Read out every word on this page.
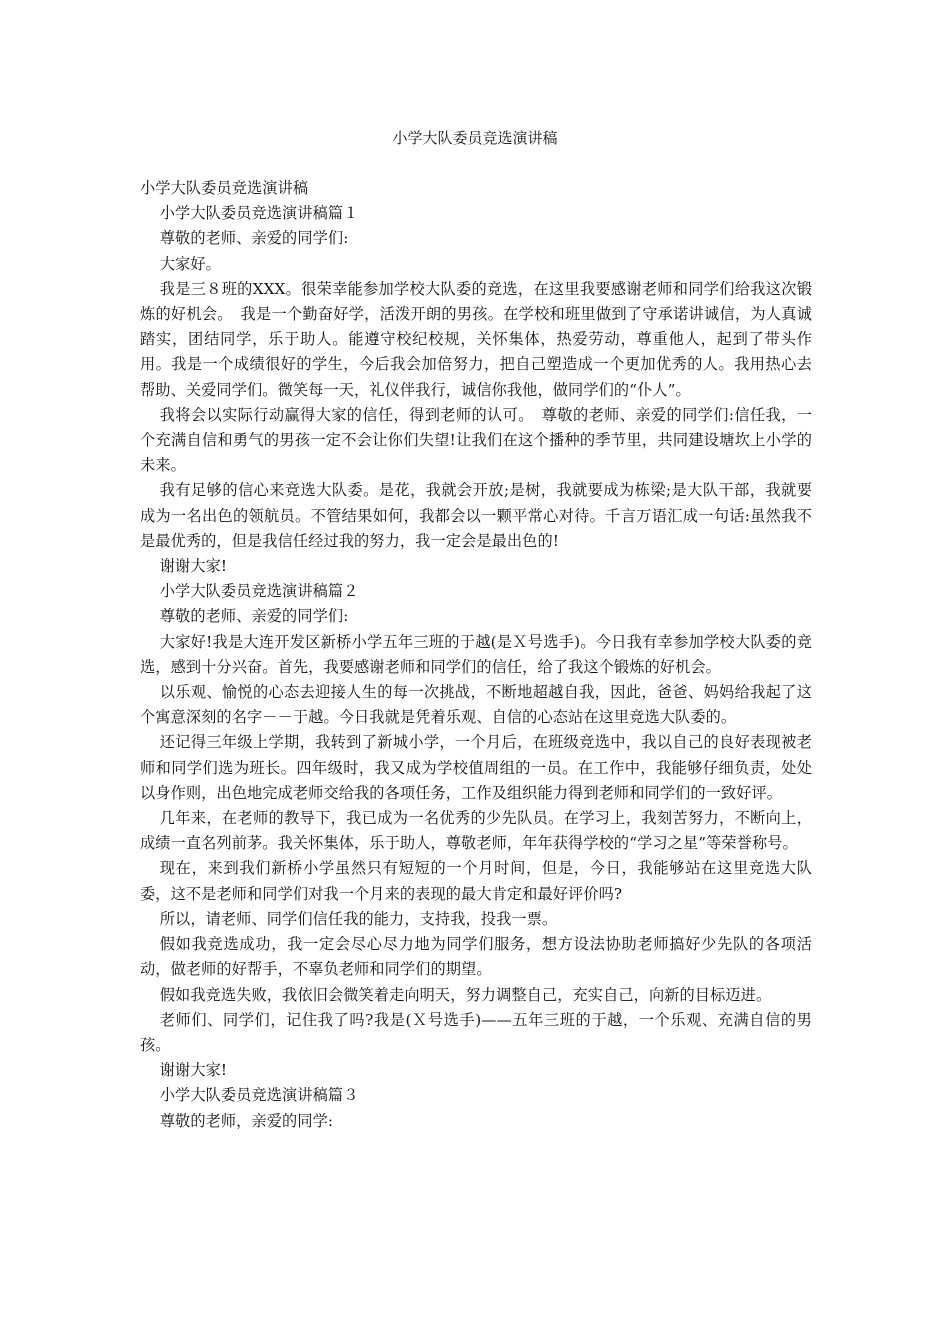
小学大队委员竞选演讲稿

小学大队委员竞选演讲稿

小学大队委员竞选演讲稿篇１

尊敬的老师、亲爱的同学们:

大家好。

我是三８班的XXX。很荣幸能参加学校大队委的竞选，在这里我要感谢老师和同学们给我这次锻炼的好机会。　我是一个勤奋好学，活泼开朗的男孩。在学校和班里做到了守承诺讲诚信，为人真诚踏实，团结同学，乐于助人。能遵守校纪校规，关怀集体，热爱劳动，尊重他人，起到了带头作用。我是一个成绩很好的学生，今后我会加倍努力，把自己塑造成一个更加优秀的人。我用热心去帮助、关爱同学们。微笑每一天，礼仪伴我行，诚信你我他，做同学们的“仆人”。

我将会以实际行动赢得大家的信任，得到老师的认可。　尊敬的老师、亲爱的同学们:信任我，一个充满自信和勇气的男孩一定不会让你们失望!让我们在这个播种的季节里，共同建设塘坎上小学的未来。

我有足够的信心来竞选大队委。是花，我就会开放;是树，我就要成为栋梁;是大队干部，我就要成为一名出色的领航员。不管结果如何，我都会以一颗平常心对待。千言万语汇成一句话:虽然我不是最优秀的，但是我信任经过我的努力，我一定会是最出色的!

谢谢大家!

小学大队委员竞选演讲稿篇２

尊敬的老师、亲爱的同学们:

大家好!我是大连开发区新桥小学五年三班的于越(是Ｘ号选手)。今日我有幸参加学校大队委的竞选，感到十分兴奋。首先，我要感谢老师和同学们的信任，给了我这个锻炼的好机会。

以乐观、愉悦的心态去迎接人生的每一次挑战，不断地超越自我，因此，爸爸、妈妈给我起了这个寓意深刻的名字－－于越。今日我就是凭着乐观、自信的心态站在这里竞选大队委的。

还记得三年级上学期，我转到了新城小学，一个月后，在班级竞选中，我以自己的良好表现被老师和同学们选为班长。四年级时，我又成为学校值周组的一员。在工作中，我能够仔细负责，处处以身作则，出色地完成老师交给我的各项任务，工作及组织能力得到老师和同学们的一致好评。

几年来，在老师的教导下，我已成为一名优秀的少先队员。在学习上，我刻苦努力，不断向上，成绩一直名列前茅。我关怀集体，乐于助人，尊敬老师，年年获得学校的“学习之星”等荣誉称号。

现在，来到我们新桥小学虽然只有短短的一个月时间，但是，今日，我能够站在这里竞选大队委，这不是老师和同学们对我一个月来的表现的最大肯定和最好评价吗?

所以，请老师、同学们信任我的能力，支持我，投我一票。

假如我竞选成功，我一定会尽心尽力地为同学们服务，想方设法协助老师搞好少先队的各项活动，做老师的好帮手，不辜负老师和同学们的期望。

假如我竞选失败，我依旧会微笑着走向明天，努力调整自己，充实自己，向新的目标迈进。

老师们、同学们，记住我了吗?我是(Ｘ号选手)——五年三班的于越，一个乐观、充满自信的男孩。

谢谢大家!

小学大队委员竞选演讲稿篇３

尊敬的老师，亲爱的同学:
